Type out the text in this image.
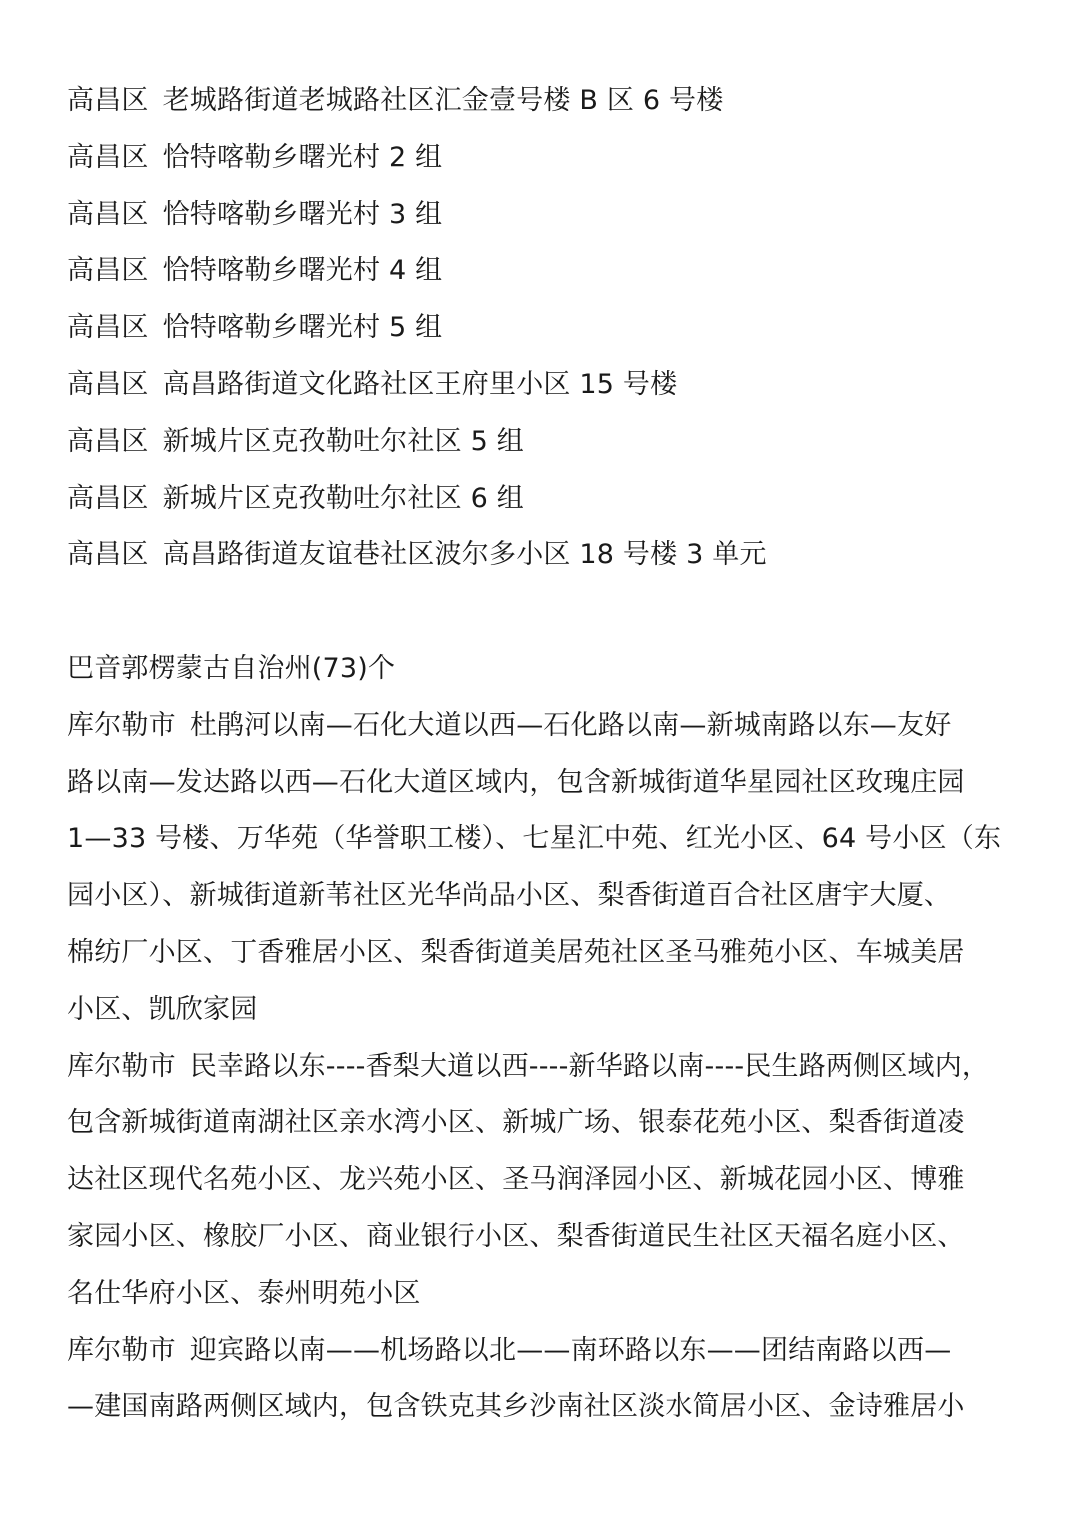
高昌区 老城路街道老城路社区汇金壹号楼 B 区 6 号楼
高昌区 恰特喀勒乡曙光村 2 组
高昌区 恰特喀勒乡曙光村 3 组
高昌区 恰特喀勒乡曙光村 4 组
高昌区 恰特喀勒乡曙光村 5 组
高昌区 高昌路街道文化路社区王府里小区 15 号楼
高昌区 新城片区克孜勒吐尔社区 5 组
高昌区 新城片区克孜勒吐尔社区 6 组
高昌区 高昌路街道友谊巷社区波尔多小区 18 号楼 3 单元
巴音郭楞蒙古自治州(73)个
库尔勒市 杜鹃河以南—石化大道以西—石化路以南—新城南路以东—友好
路以南—发达路以西—石化大道区域内，包含新城街道华星园社区玫瑰庄园
1—33 号楼、万华苑（华誉职工楼）、七星汇中苑、红光小区、64 号小区（东
园小区）、新城街道新苇社区光华尚品小区、梨香街道百合社区唐宇大厦、
棉纺厂小区、丁香雅居小区、梨香街道美居苑社区圣马雅苑小区、车城美居
小区、凯欣家园
库尔勒市 民幸路以东----香梨大道以西----新华路以南----民生路两侧区域内，
包含新城街道南湖社区亲水湾小区、新城广场、银泰花苑小区、梨香街道凌
达社区现代名苑小区、龙兴苑小区、圣马润泽园小区、新城花园小区、博雅
家园小区、橡胶厂小区、商业银行小区、梨香街道民生社区天福名庭小区、
名仕华府小区、泰州明苑小区
库尔勒市 迎宾路以南——机场路以北——南环路以东——团结南路以西—
—建国南路两侧区域内，包含铁克其乡沙南社区淡水简居小区、金诗雅居小
